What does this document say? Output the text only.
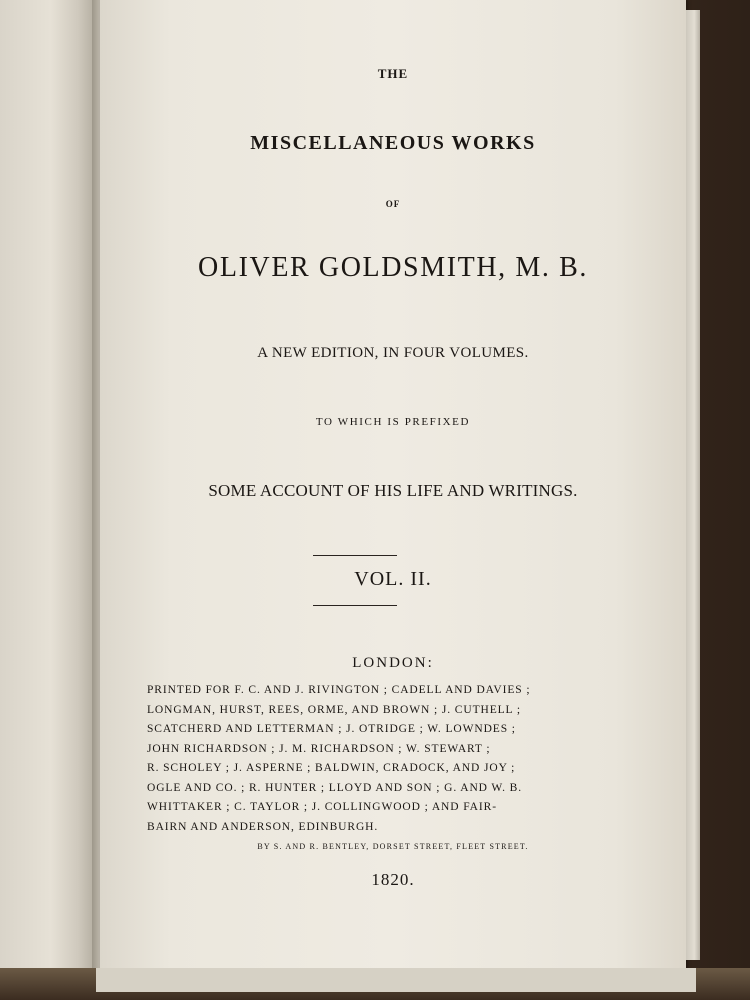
THE
MISCELLANEOUS WORKS
OF
OLIVER GOLDSMITH, M. B.
A NEW EDITION, IN FOUR VOLUMES.
TO WHICH IS PREFIXED
SOME ACCOUNT OF HIS LIFE AND WRITINGS.
VOL. II.
LONDON:
PRINTED FOR F. C. AND J. RIVINGTON ; CADELL AND DAVIES ;
LONGMAN, HURST, REES, ORME, AND BROWN ; J. CUTHELL ;
SCATCHERD AND LETTERMAN ; J. OTRIDGE ; W. LOWNDES ;
JOHN RICHARDSON ; J. M. RICHARDSON ; W. STEWART ;
R. SCHOLEY ; J. ASPERNE ; BALDWIN, CRADOCK, AND JOY ;
OGLE AND CO. ; R. HUNTER ; LLOYD AND SON ; G. AND W. B.
WHITTAKER ; C. TAYLOR ; J. COLLINGWOOD ; AND FAIR-
BAIRN AND ANDERSON, EDINBURGH.
BY S. AND R. BENTLEY, DORSET STREET, FLEET STREET.
1820.
